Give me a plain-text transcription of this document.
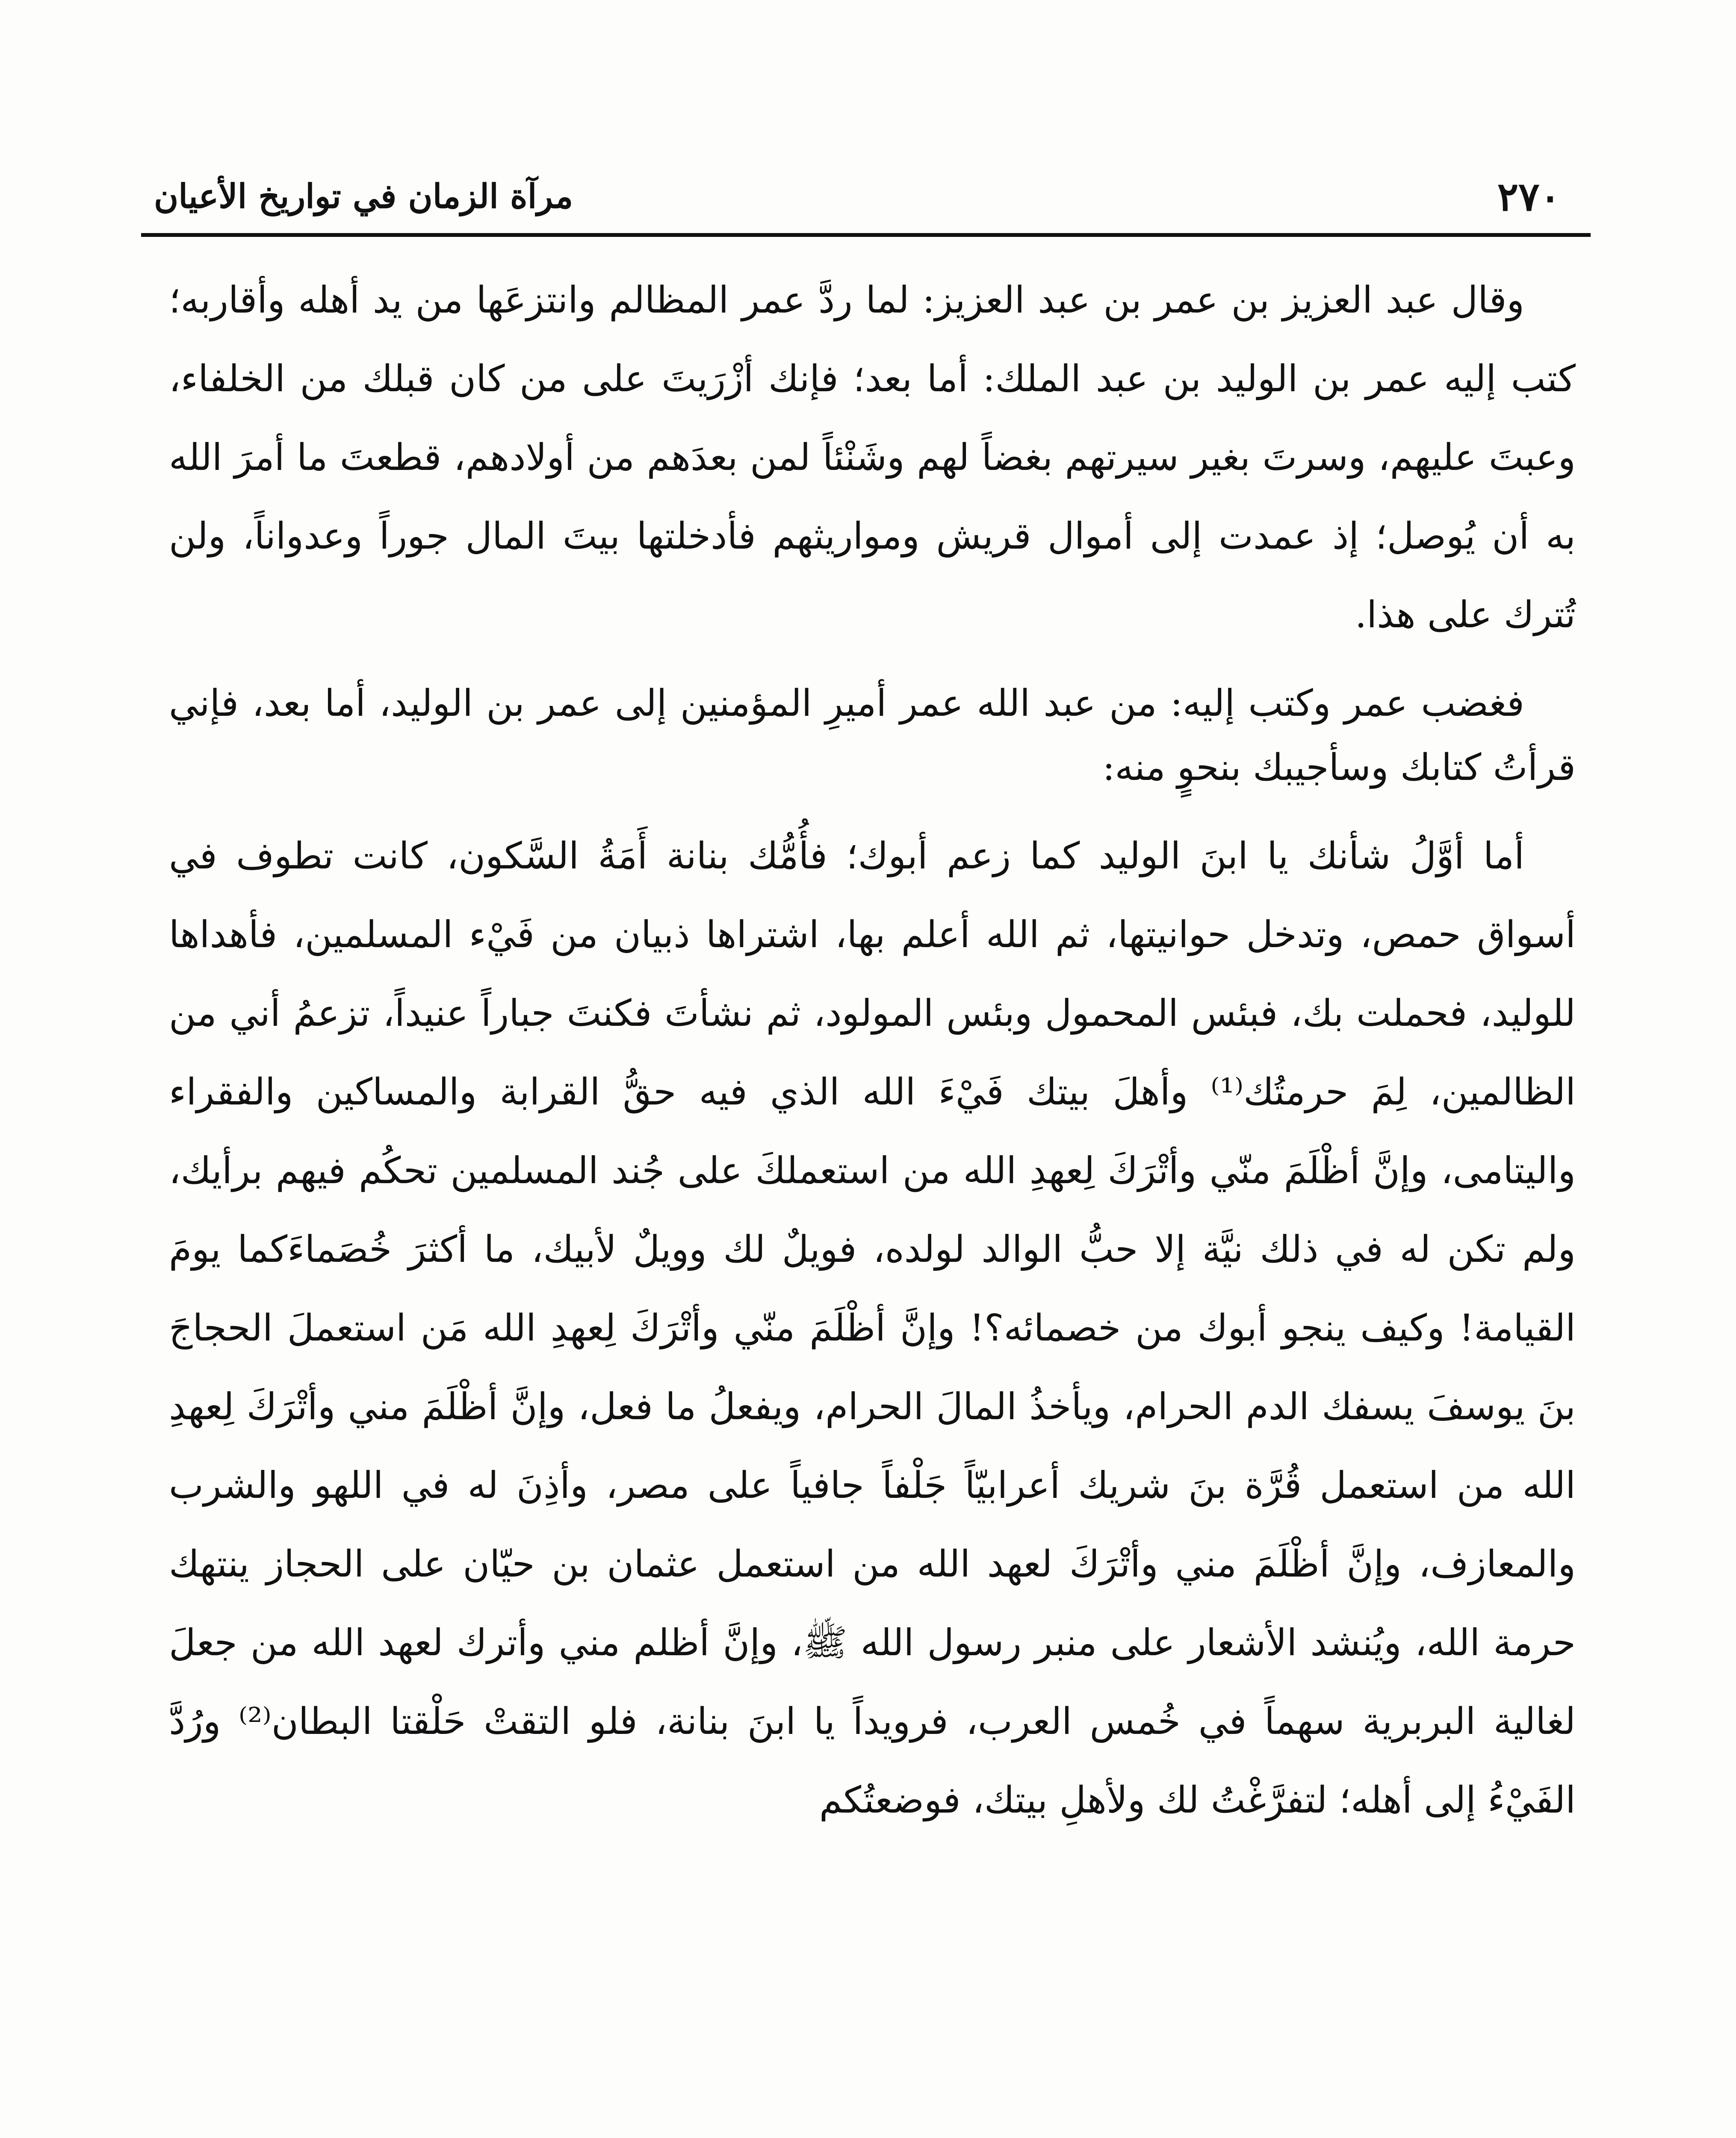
٢٧٠
مرآة الزمان في تواريخ الأعيان

وقال عبد العزيز بن عمر بن عبد العزيز: لما ردَّ عمر المظالم وانتزعَها من يد أهله وأقاربه؛ كتب إليه عمر بن الوليد بن عبد الملك: أما بعد؛ فإنك أزْرَيتَ على من كان قبلك من الخلفاء، وعبتَ عليهم، وسرتَ بغير سيرتهم بغضاً لهم وشَنْئاً لمن بعدَهم من أولادهم، قطعتَ ما أمرَ الله به أن يُوصل؛ إذ عمدت إلى أموال قريش ومواريثهم فأدخلتها بيتَ المال جوراً وعدواناً، ولن تُترك على هذا.

فغضب عمر وكتب إليه: من عبد الله عمر أميرِ المؤمنين إلى عمر بن الوليد، أما بعد، فإني قرأتُ كتابك وسأجيبك بنحوٍ منه:

أما أوَّلُ شأنك يا ابنَ الوليد كما زعم أبوك؛ فأُمُّك بنانة أَمَةُ السَّكون، كانت تطوف في أسواق حمص، وتدخل حوانيتها، ثم الله أعلم بها، اشتراها ذبيان من فَيْء المسلمين، فأهداها للوليد، فحملت بك، فبئس المحمول وبئس المولود، ثم نشأتَ فكنتَ جباراً عنيداً، تزعمُ أني من الظالمين، لِمَ حرمتُك⁽¹⁾ وأهلَ بيتك فَيْءَ الله الذي فيه حقُّ القرابة والمساكين والفقراء واليتامى، وإنَّ أظْلَمَ منّي وأتْرَكَ لِعهدِ الله من استعملكَ على جُند المسلمين تحكُم فيهم برأيك، ولم تكن له في ذلك نيَّة إلا حبُّ الوالد لولده، فويلٌ لك وويلٌ لأبيك، ما أكثرَ خُصَماءَكما يومَ القيامة! وكيف ينجو أبوك من خصمائه؟! وإنَّ أظْلَمَ منّي وأتْرَكَ لِعهدِ الله مَن استعملَ الحجاجَ بنَ يوسفَ يسفك الدم الحرام، ويأخذُ المالَ الحرام، ويفعلُ ما فعل، وإنَّ أظْلَمَ مني وأتْرَكَ لِعهدِ الله من استعمل قُرَّة بنَ شريك أعرابيّاً جَلْفاً جافياً على مصر، وأذِنَ له في اللهو والشرب والمعازف، وإنَّ أظْلَمَ مني وأتْرَكَ لعهد الله من استعمل عثمان بن حيّان على الحجاز ينتهك حرمة الله، ويُنشد الأشعار على منبر رسول الله ﷺ، وإنَّ أظلم مني وأترك لعهد الله من جعلَ لغالية البربرية سهماً في خُمس العرب، فرويداً يا ابنَ بنانة، فلو التقتْ حَلْقتا البطان⁽²⁾ ورُدَّ الفَيْءُ إلى أهله؛ لتفرَّغْتُ لك ولأهلِ بيتك، فوضعتُكم
